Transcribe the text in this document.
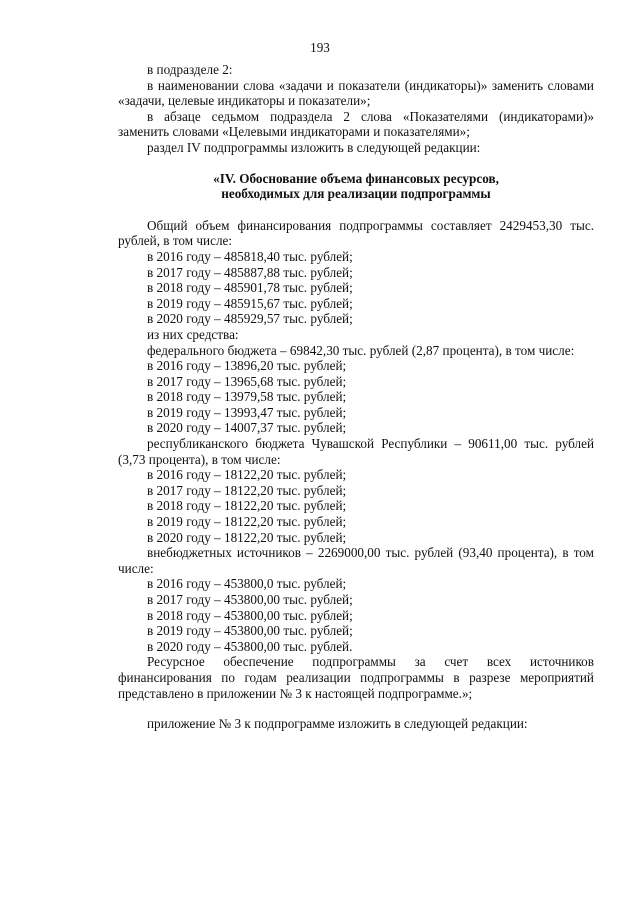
193

в подразделе 2:

в наименовании слова «задачи и показатели (индикаторы)» заменить словами «задачи, целевые индикаторы и показатели»;

в абзаце седьмом подраздела 2 слова «Показателями (индикаторами)» заменить словами «Целевыми индикаторами и показателями»;

раздел IV подпрограммы изложить в следующей редакции:

«IV. Обоснование объема финансовых ресурсов,
необходимых для реализации подпрограммы

Общий объем финансирования подпрограммы составляет 2429453,30 тыс. рублей, в том числе:

в 2016 году – 485818,40 тыс. рублей;

в 2017 году – 485887,88 тыс. рублей;

в 2018 году – 485901,78 тыс. рублей;

в 2019 году – 485915,67 тыс. рублей;

в 2020 году – 485929,57 тыс. рублей;

из них средства:

федерального бюджета – 69842,30 тыс. рублей (2,87 процента), в том числе:

в 2016 году – 13896,20 тыс. рублей;

в 2017 году – 13965,68 тыс. рублей;

в 2018 году – 13979,58 тыс. рублей;

в 2019 году – 13993,47 тыс. рублей;

в 2020 году – 14007,37 тыс. рублей;

республиканского бюджета Чувашской Республики – 90611,00 тыс. рублей (3,73 процента), в том числе:

в 2016 году – 18122,20 тыс. рублей;

в 2017 году – 18122,20 тыс. рублей;

в 2018 году – 18122,20 тыс. рублей;

в 2019 году – 18122,20 тыс. рублей;

в 2020 году – 18122,20 тыс. рублей;

внебюджетных источников – 2269000,00 тыс. рублей (93,40 процента), в том числе:

в 2016 году – 453800,0 тыс. рублей;

в 2017 году – 453800,00 тыс. рублей;

в 2018 году – 453800,00 тыс. рублей;

в 2019 году – 453800,00 тыс. рублей;

в 2020 году – 453800,00 тыс. рублей.

Ресурсное обеспечение подпрограммы за счет всех источников финансирования по годам реализации подпрограммы в разрезе мероприятий представлено в приложении № 3 к настоящей подпрограмме.»;

приложение № 3 к подпрограмме изложить в следующей редакции:
